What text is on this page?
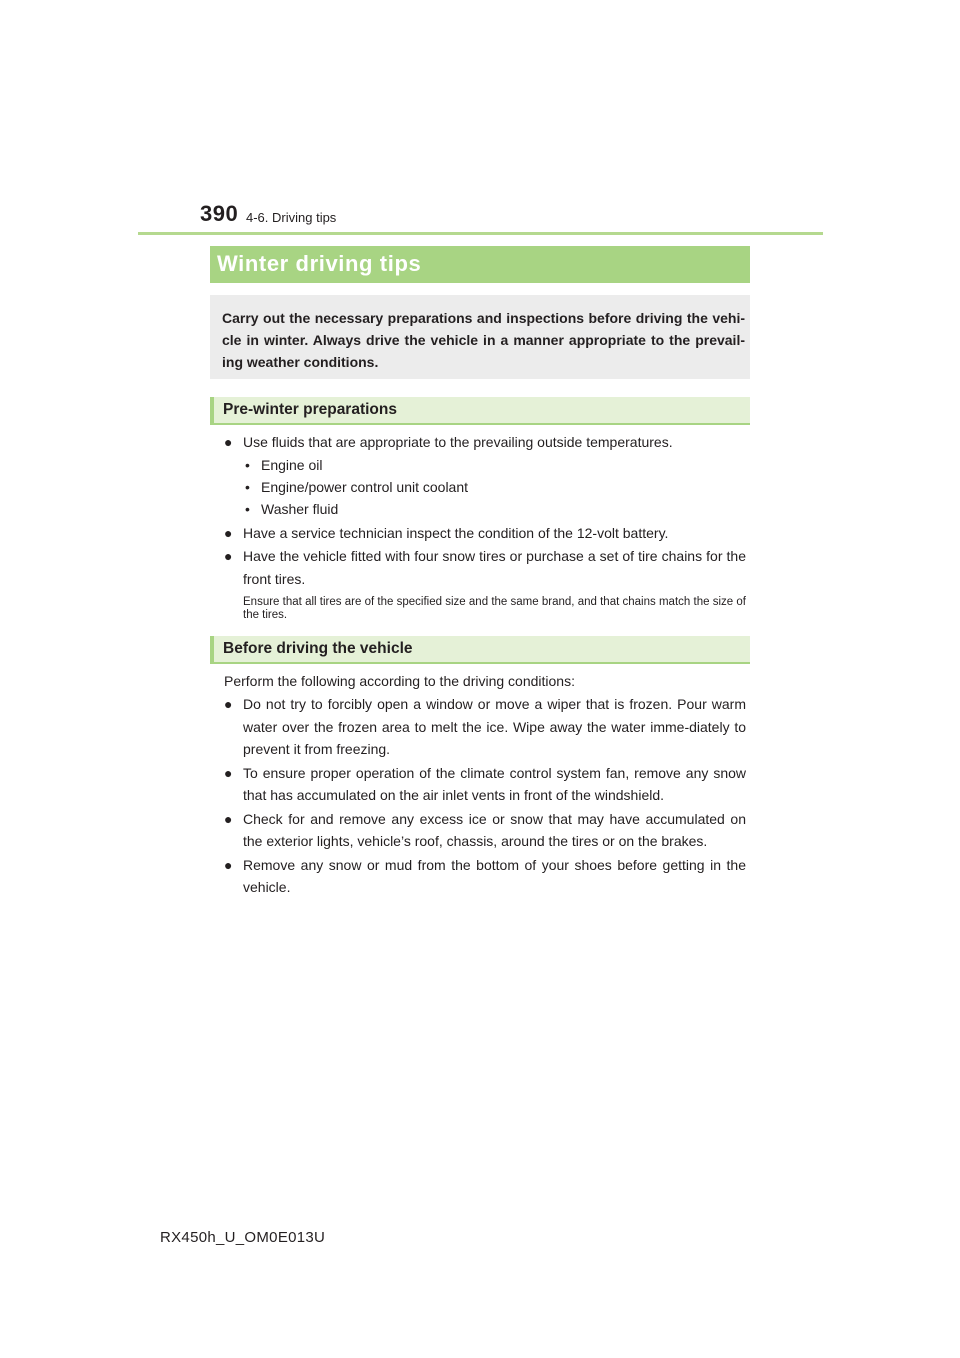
390 4-6. Driving tips
Winter driving tips

Carry out the necessary preparations and inspections before driving the vehi-cle in winter. Always drive the vehicle in a manner appropriate to the prevail-ing weather conditions.

Pre-winter preparations
● Use fluids that are appropriate to the prevailing outside temperatures.
• Engine oil
• Engine/power control unit coolant
• Washer fluid
● Have a service technician inspect the condition of the 12-volt battery.
● Have the vehicle fitted with four snow tires or purchase a set of tire chains for the front tires.
Ensure that all tires are of the specified size and the same brand, and that chains match the size of the tires.
Before driving the vehicle
Perform the following according to the driving conditions:
● Do not try to forcibly open a window or move a wiper that is frozen. Pour warm water over the frozen area to melt the ice. Wipe away the water imme-diately to prevent it from freezing.
● To ensure proper operation of the climate control system fan, remove any snow that has accumulated on the air inlet vents in front of the windshield.
● Check for and remove any excess ice or snow that may have accumulated on the exterior lights, vehicle’s roof, chassis, around the tires or on the brakes.
● Remove any snow or mud from the bottom of your shoes before getting in the vehicle.
RX450h_U_OM0E013U
